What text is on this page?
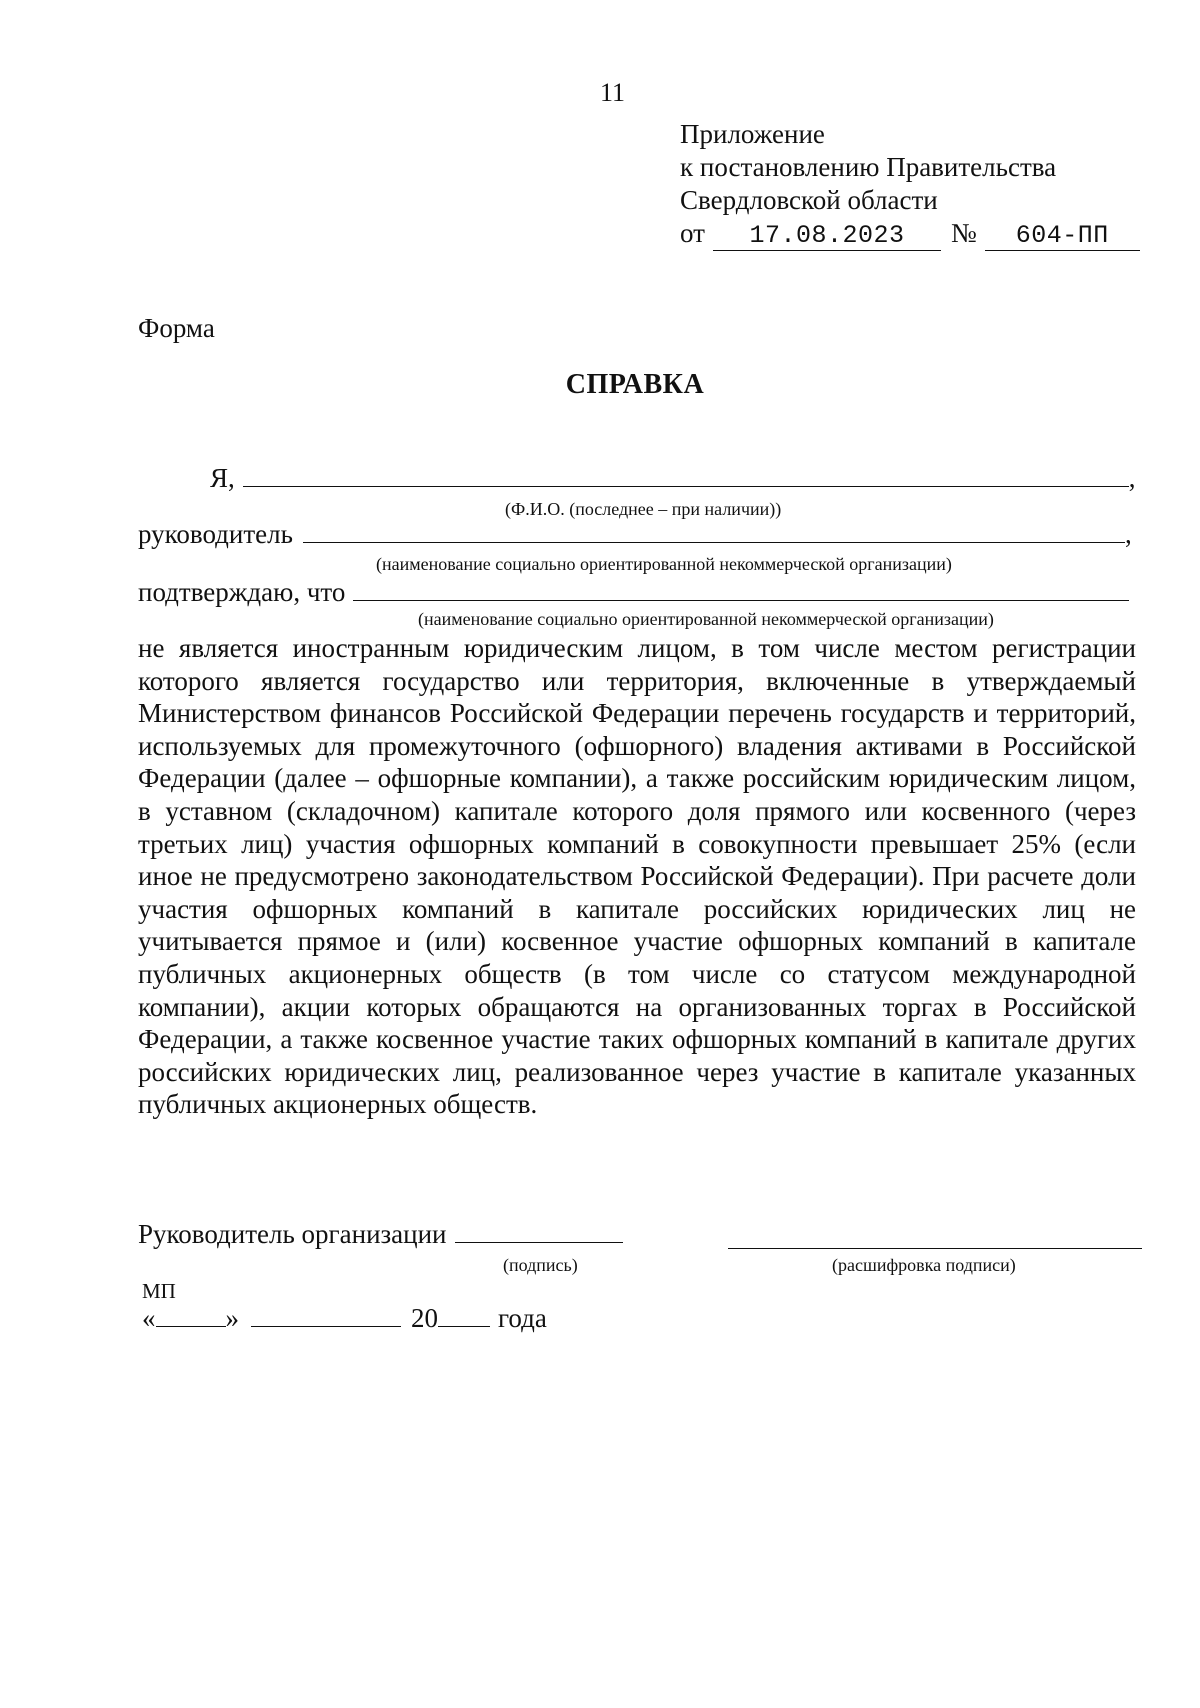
11
Приложение
к постановлению Правительства
Свердловской области
от	17.08.2023	№	604-ПП
Форма
СПРАВКА
Я,	,
(Ф.И.О. (последнее – при наличии))
руководитель	,
(наименование социально ориентированной некоммерческой организации)
подтверждаю, что
(наименование социально ориентированной некоммерческой организации)
не является иностранным юридическим лицом, в том числе местом регистрации которого является государство или территория, включенные в утверждаемый Министерством финансов Российской Федерации перечень государств и территорий, используемых для промежуточного (офшорного) владения активами в Российской Федерации (далее – офшорные компании), а также российским юридическим лицом, в уставном (складочном) капитале которого доля прямого или косвенного (через третьих лиц) участия офшорных компаний в совокупности превышает 25% (если иное не предусмотрено законодательством Российской Федерации). При расчете доли участия офшорных компаний в капитале российских юридических лиц не учитывается прямое и (или) косвенное участие офшорных компаний в капитале публичных акционерных обществ (в том числе со статусом международной компании), акции которых обращаются на организованных торгах в Российской Федерации, а также косвенное участие таких офшорных компаний в капитале других российских юридических лиц, реализованное через участие в капитале указанных публичных акционерных обществ.
Руководитель организации
(подпись)	(расшифровка подписи)
МП
«	»	20 года
